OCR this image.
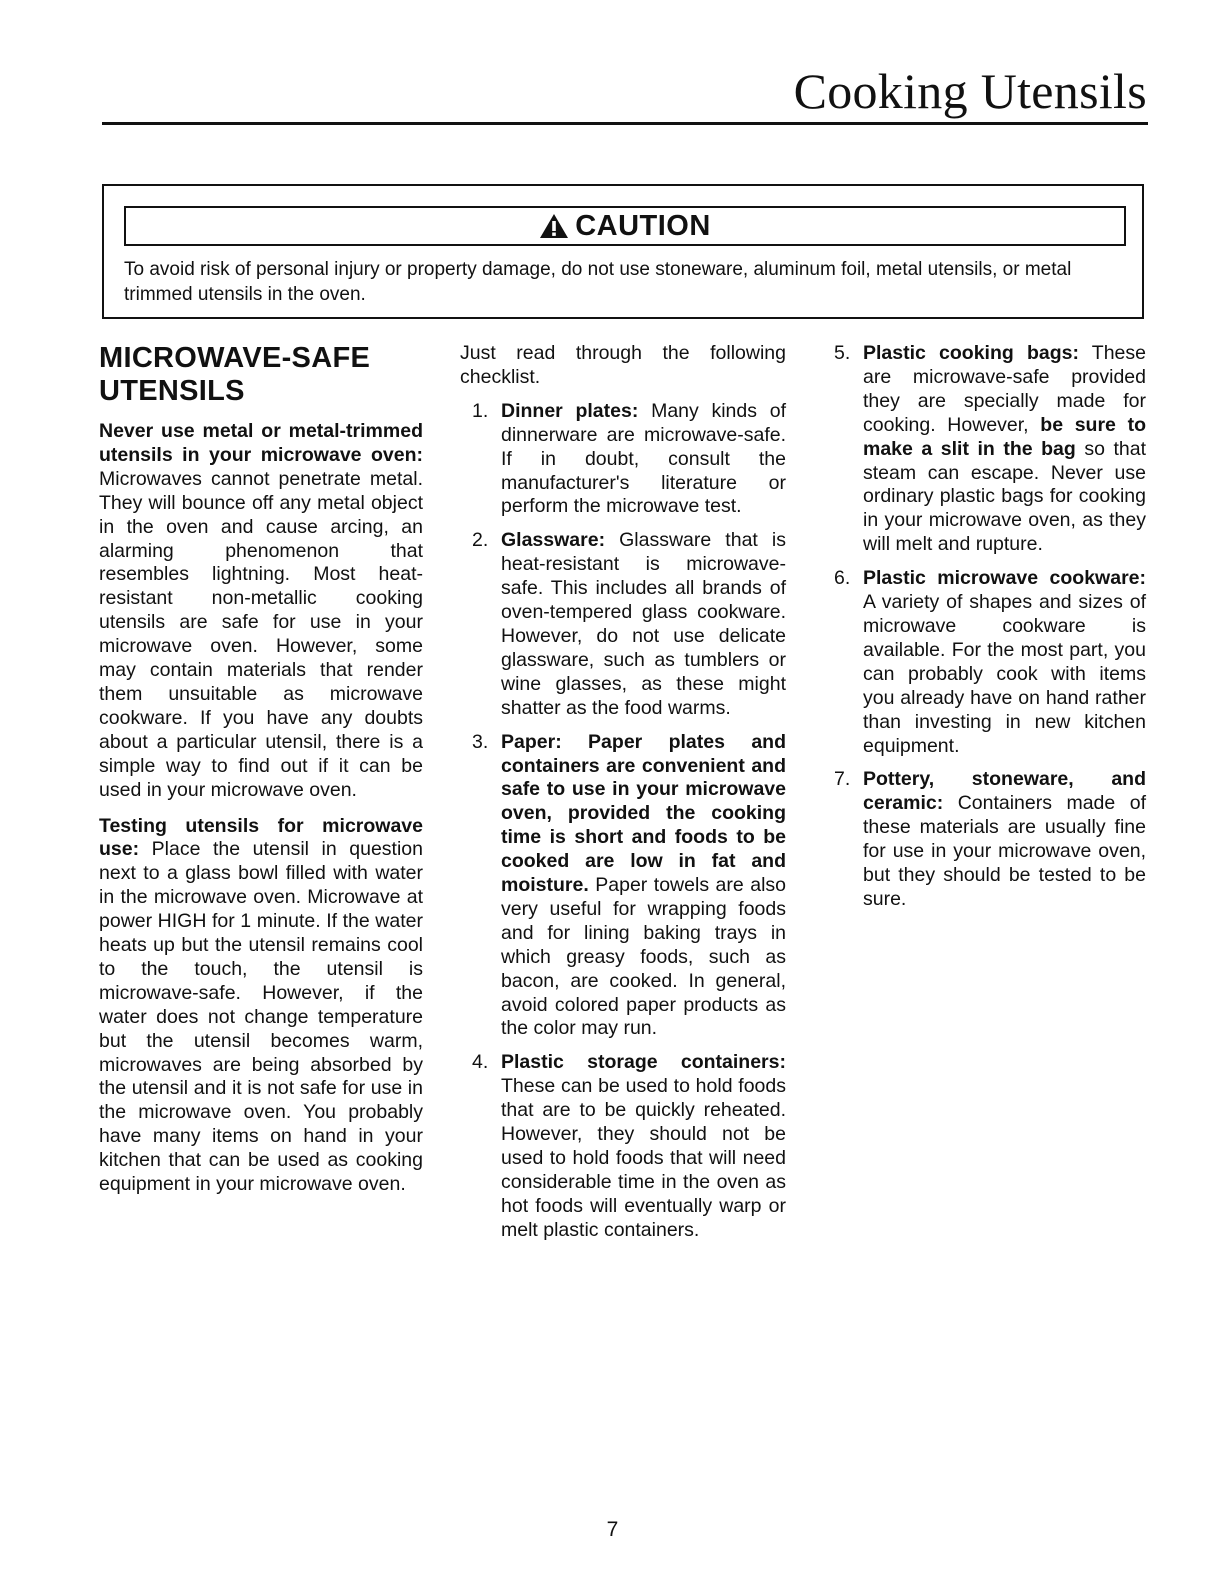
Cooking Utensils
CAUTION
To avoid risk of personal injury or property damage, do not use stoneware, aluminum foil, metal utensils, or metal trimmed utensils in the oven.
MICROWAVE-SAFE UTENSILS

Never use metal or metal-trimmed utensils in your microwave oven: Microwaves cannot penetrate metal. They will bounce off any metal object in the oven and cause arcing, an alarming phenomenon that resembles lightning. Most heat-resistant non-metallic cooking utensils are safe for use in your microwave oven. However, some may contain materials that render them unsuitable as microwave cookware. If you have any doubts about a particular utensil, there is a simple way to find out if it can be used in your microwave oven.

Testing utensils for microwave use: Place the utensil in question next to a glass bowl filled with water in the microwave oven. Microwave at power HIGH for 1 minute. If the water heats up but the utensil remains cool to the touch, the utensil is microwave-safe. However, if the water does not change temperature but the utensil becomes warm, microwaves are being absorbed by the utensil and it is not safe for use in the microwave oven. You probably have many items on hand in your kitchen that can be used as cooking equipment in your microwave oven.

Just read through the following checklist.

1. Dinner plates: Many kinds of dinnerware are microwave-safe. If in doubt, consult the manufacturer's literature or perform the microwave test.
2. Glassware: Glassware that is heat-resistant is microwave-safe. This includes all brands of oven-tempered glass cookware. However, do not use delicate glassware, such as tumblers or wine glasses, as these might shatter as the food warms.
3. Paper: Paper plates and containers are convenient and safe to use in your microwave oven, provided the cooking time is short and foods to be cooked are low in fat and moisture. Paper towels are also very useful for wrapping foods and for lining baking trays in which greasy foods, such as bacon, are cooked. In general, avoid colored paper products as the color may run.
4. Plastic storage containers: These can be used to hold foods that are to be quickly reheated. However, they should not be used to hold foods that will need considerable time in the oven as hot foods will eventually warp or melt plastic containers.
5. Plastic cooking bags: These are microwave-safe provided they are specially made for cooking. However, be sure to make a slit in the bag so that steam can escape. Never use ordinary plastic bags for cooking in your microwave oven, as they will melt and rupture.
6. Plastic microwave cookware: A variety of shapes and sizes of microwave cookware is available. For the most part, you can probably cook with items you already have on hand rather than investing in new kitchen equipment.
7. Pottery, stoneware, and ceramic: Containers made of these materials are usually fine for use in your microwave oven, but they should be tested to be sure.
7
